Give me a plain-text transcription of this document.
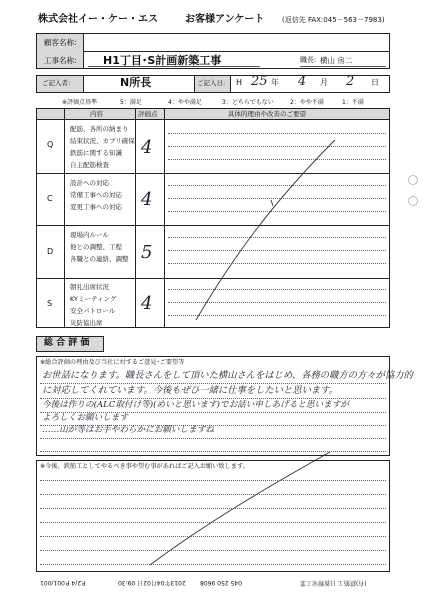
株式会社イー・ケー・エス	お客様アンケート	(返信先 FAX:045－563－7983)
顧客名称:
工事名称: H1丁目･S計画新築工事	職長: 横山 房二
ご記入者:	N所長	ご記入日: H 25 年 4 月 2 日
※評価点基準	5：満足	4：やや満足	3：どちらでもない	2：やや不満	1：不満
内容	評価点	具体的理由や改善のご要望
Q
配筋、各所の納まり
結束状況、カブリ確保
鉄筋に関する知識
自主配筋検査
4
C
設計への対応
常備工事への対応
変更工事への対応 4
D
現場内ルール
他との調整、工程
各職との連絡、調整 5
S
朝礼出席状況
KYミーティング
安全パトロール
災防協出席
4
総 合 評 価
※総合評価の理由及び当社に対するご意見･ご要望等
お世話になります。職長さんをして頂いた横山さんをはじめ、各務の職方の方々が協力的
に対応してくれています。今後もぜひ一緒に仕事をしたいと思います。
今後は作りの(ALC取付け等)(めいと思います)でお話い申しあげると思いますが
よろしくお願いします
……山が等はお手やわらかにお願いしますね
※今後、鉄筋工としてやるべき事や望む事があればご記入お願い致します。
P.2/4 P.001/001	2013年04月02日 09:30 045 250 9608	(有)鉄筋工 日新輝栄工業
